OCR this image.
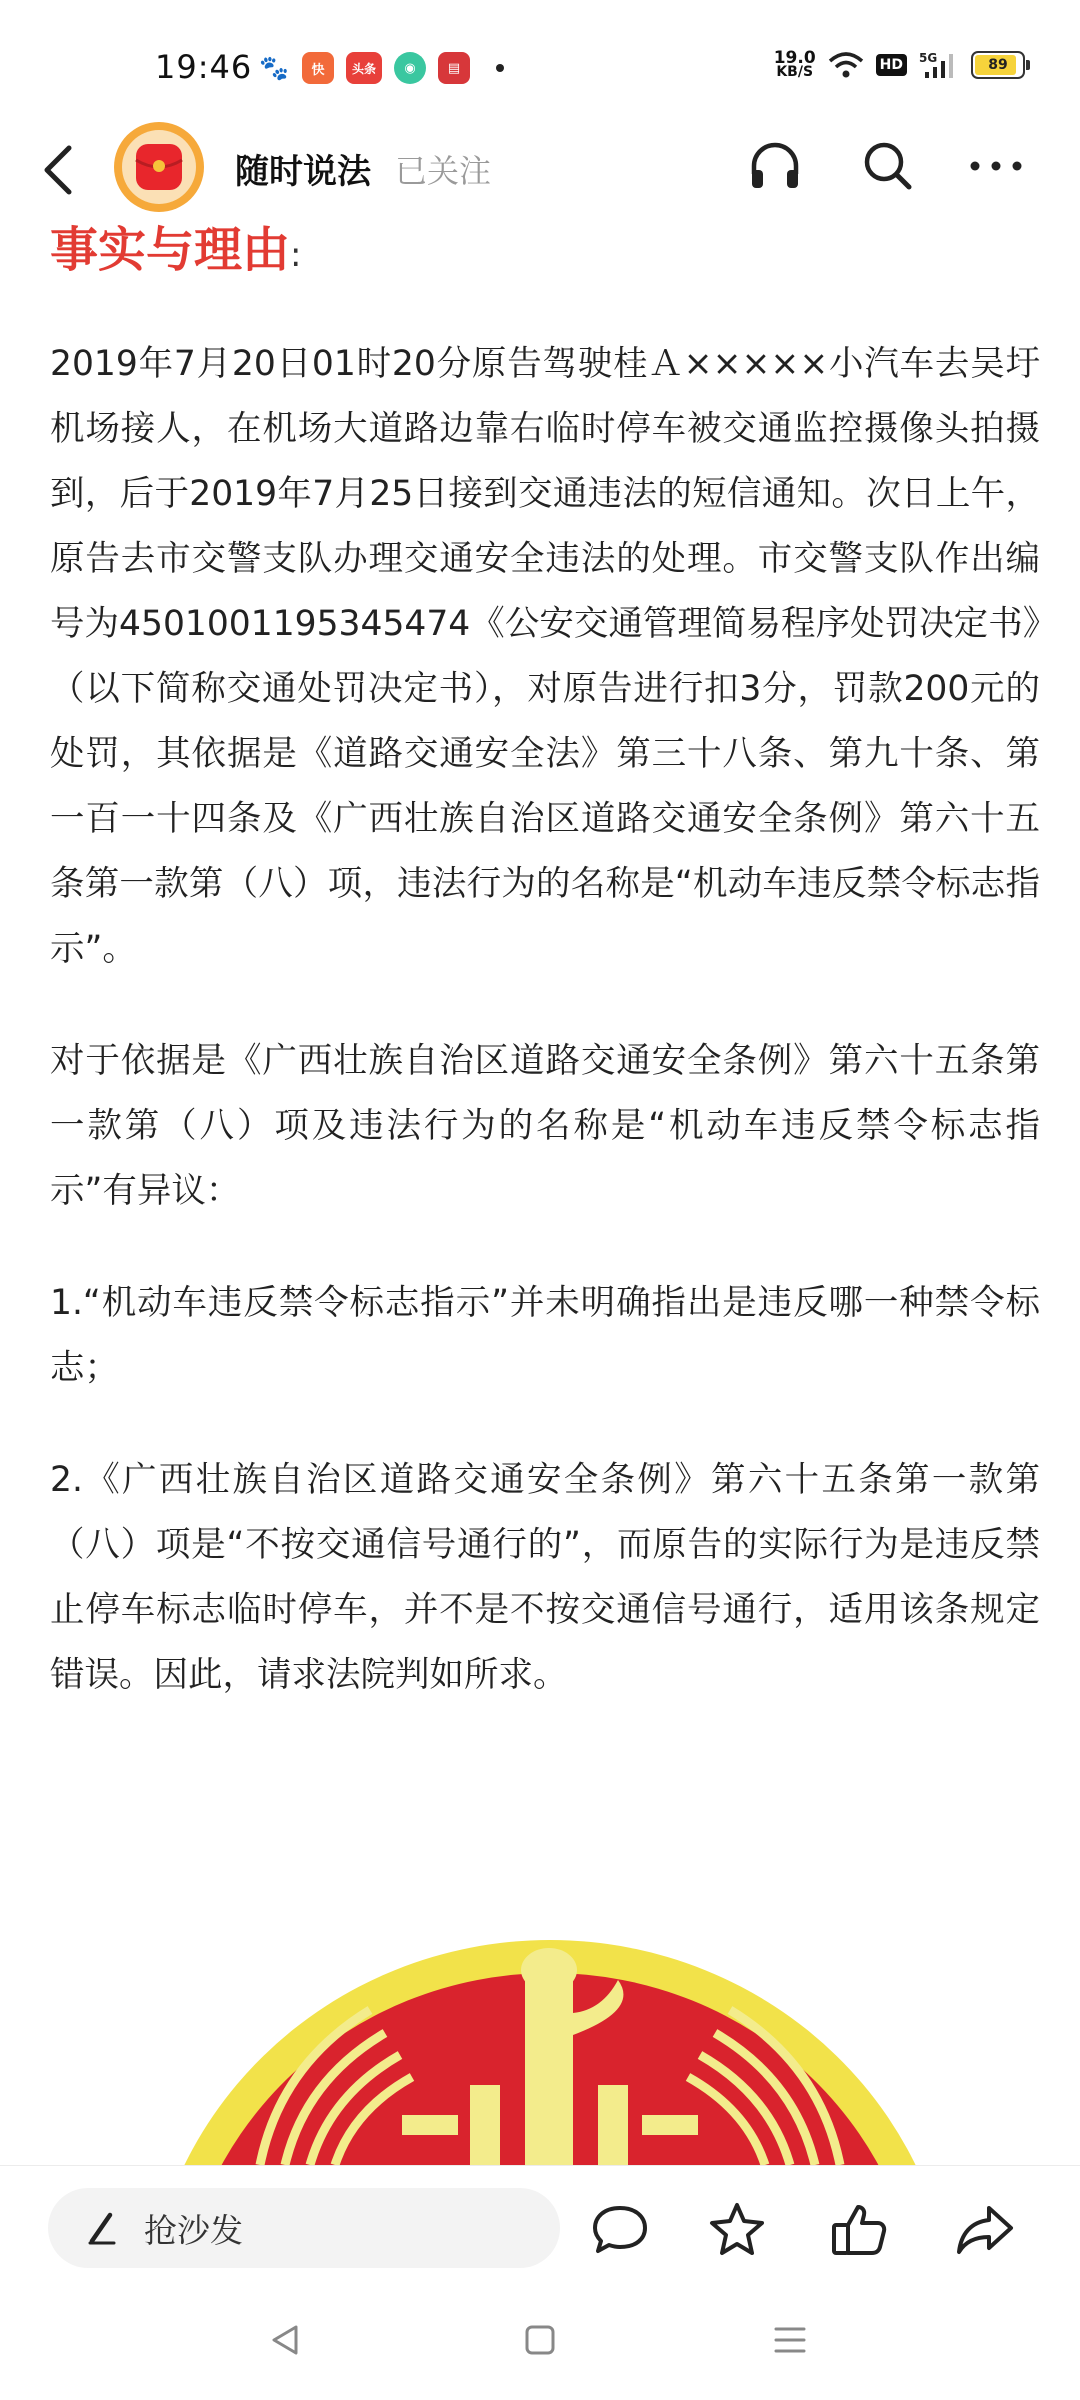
19:46 🐾	快	头条	◉	▤	19.0
KB/S	HD	5G	89
随时说法 已关注
事实与理由:

2019年7月20日01时20分原告驾驶桂Ａ×××××小汽车去吴圩机场接人，在机场大道路边靠右临时停车被交通监控摄像头拍摄到，后于2019年7月25日接到交通违法的短信通知。次日上午，原告去市交警支队办理交通安全违法的处理。市交警支队作出编号为4501001195345474《公安交通管理简易程序处罚决定书》（以下简称交通处罚决定书），对原告进行扣3分，罚款200元的处罚，其依据是《道路交通安全法》第三十八条、第九十条、第一百一十四条及《广西壮族自治区道路交通安全条例》第六十五条第一款第（八）项，违法行为的名称是“机动车违反禁令标志指示”。

对于依据是《广西壮族自治区道路交通安全条例》第六十五条第一款第（八）项及违法行为的名称是“机动车违反禁令标志指示”有异议：

1.“机动车违反禁令标志指示”并未明确指出是违反哪一种禁令标志；

2.《广西壮族自治区道路交通安全条例》第六十五条第一款第（八）项是“不按交通信号通行的”，而原告的实际行为是违反禁止停车标志临时停车，并不是不按交通信号通行，适用该条规定错误。因此，请求法院判如所求。

抢沙发
